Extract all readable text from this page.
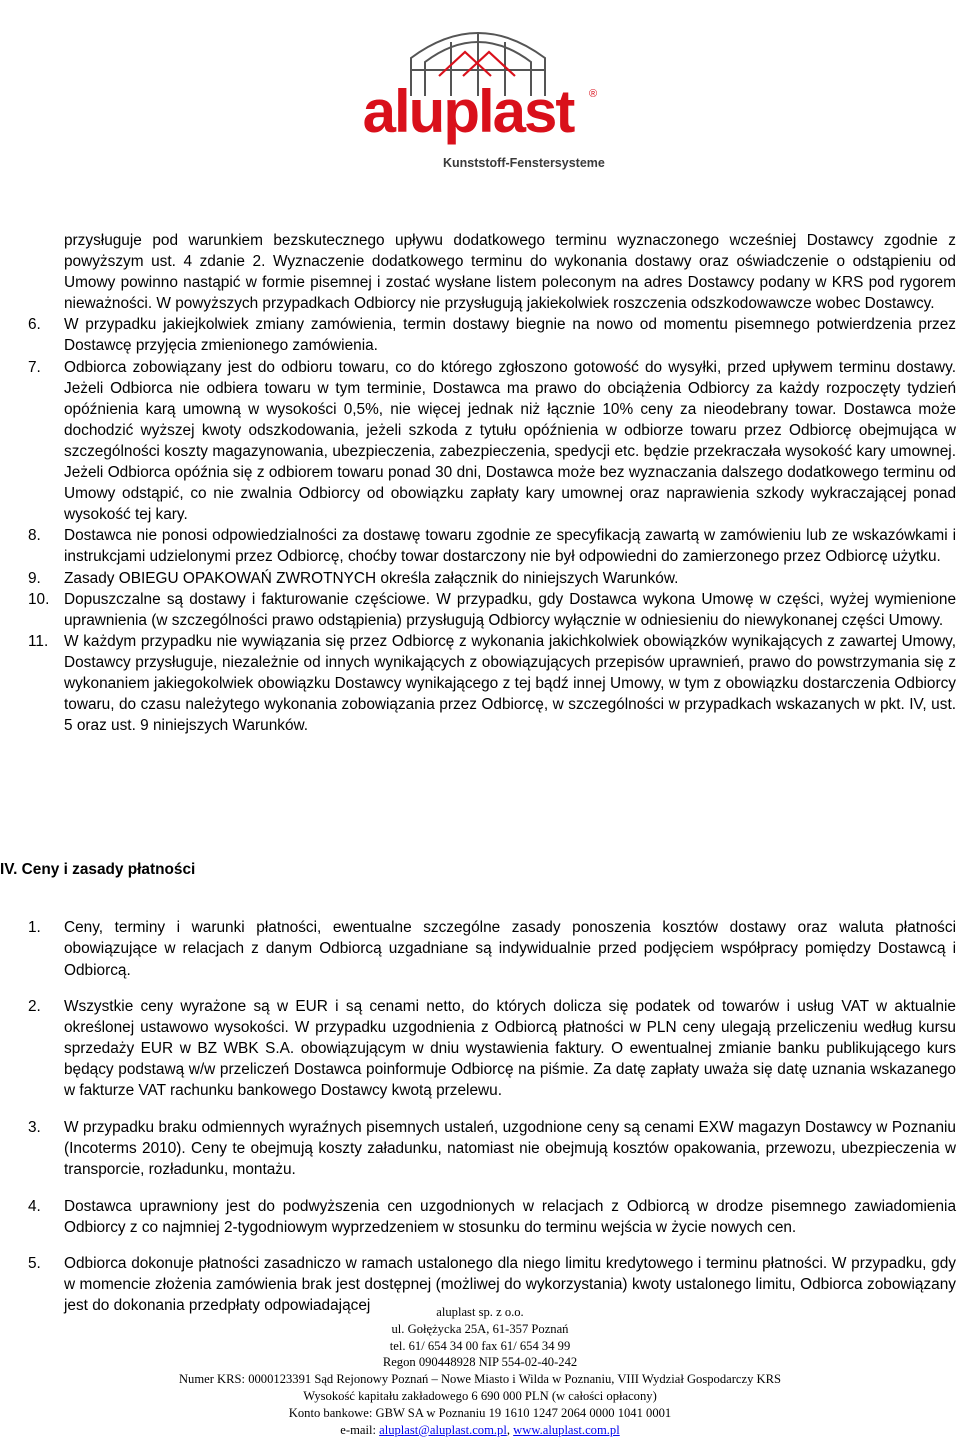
aluplast	®
Kunststoff-Fenstersysteme

przysługuje pod warunkiem bezskutecznego upływu dodatkowego terminu wyznaczonego wcześniej Dostawcy zgodnie z powyższym ust. 4 zdanie 2. Wyznaczenie dodatkowego terminu do wykonania dostawy oraz oświadczenie o odstąpieniu od Umowy powinno nastąpić w formie pisemnej i zostać wysłane listem poleconym na adres Dostawcy podany w KRS pod rygorem nieważności. W powyższych przypadkach Odbiorcy nie przysługują jakiekolwiek roszczenia odszkodowawcze wobec Dostawcy.

6. W przypadku jakiejkolwiek zmiany zamówienia, termin dostawy biegnie na nowo od momentu pisemnego potwierdzenia przez Dostawcę przyjęcia zmienionego zamówienia.

7. Odbiorca zobowiązany jest do odbioru towaru, co do którego zgłoszono gotowość do wysyłki, przed upływem terminu dostawy. Jeżeli Odbiorca nie odbiera towaru w tym terminie, Dostawca ma prawo do obciążenia Odbiorcy za każdy rozpoczęty tydzień opóźnienia karą umowną w wysokości 0,5%, nie więcej jednak niż łącznie 10% ceny za nieodebrany towar. Dostawca może dochodzić wyższej kwoty odszkodowania, jeżeli szkoda z tytułu opóźnienia w odbiorze towaru przez Odbiorcę obejmująca w szczególności koszty magazynowania, ubezpieczenia, zabezpieczenia, spedycji etc. będzie przekraczała wysokość kary umownej. Jeżeli Odbiorca opóźnia się z odbiorem towaru ponad 30 dni, Dostawca może bez wyznaczania dalszego dodatkowego terminu od Umowy odstąpić, co nie zwalnia Odbiorcy od obowiązku zapłaty kary umownej oraz naprawienia szkody wykraczającej ponad wysokość tej kary.

8. Dostawca nie ponosi odpowiedzialności za dostawę towaru zgodnie ze specyfikacją zawartą w zamówieniu lub ze wskazówkami i instrukcjami udzielonymi przez Odbiorcę, choćby towar dostarczony nie był odpowiedni do zamierzonego przez Odbiorcę użytku.

9. Zasady OBIEGU OPAKOWAŃ ZWROTNYCH określa załącznik do niniejszych Warunków.

10. Dopuszczalne są dostawy i fakturowanie częściowe. W przypadku, gdy Dostawca wykona Umowę w części, wyżej wymienione uprawnienia (w szczególności prawo odstąpienia) przysługują Odbiorcy wyłącznie w odniesieniu do niewykonanej części Umowy.

11. W każdym przypadku nie wywiązania się przez Odbiorcę z wykonania jakichkolwiek obowiązków wynikających z zawartej Umowy, Dostawcy przysługuje, niezależnie od innych wynikających z obowiązujących przepisów uprawnień, prawo do powstrzymania się z wykonaniem jakiegokolwiek obowiązku Dostawcy wynikającego z tej bądź innej Umowy, w tym z obowiązku dostarczenia Odbiorcy towaru, do czasu należytego wykonania zobowiązania przez Odbiorcę, w szczególności w przypadkach wskazanych w pkt. IV, ust. 5 oraz ust. 9 niniejszych Warunków.

IV. Ceny i zasady płatności
1. Ceny, terminy i warunki płatności, ewentualne szczególne zasady ponoszenia kosztów dostawy oraz waluta płatności obowiązujące w relacjach z danym Odbiorcą uzgadniane są indywidualnie przed podjęciem współpracy pomiędzy Dostawcą i Odbiorcą.

2. Wszystkie ceny wyrażone są w EUR i są cenami netto, do których dolicza się podatek od towarów i usług VAT w aktualnie określonej ustawowo wysokości. W przypadku uzgodnienia z Odbiorcą płatności w PLN ceny ulegają przeliczeniu według kursu sprzedaży EUR w BZ WBK S.A. obowiązującym w dniu wystawienia faktury. O ewentualnej zmianie banku publikującego kurs będący podstawą w/w przeliczeń Dostawca poinformuje Odbiorcę na piśmie. Za datę zapłaty uważa się datę uznania wskazanego w fakturze VAT rachunku bankowego Dostawcy kwotą przelewu.

3. W przypadku braku odmiennych wyraźnych pisemnych ustaleń, uzgodnione ceny są cenami EXW magazyn Dostawcy w Poznaniu (Incoterms 2010). Ceny te obejmują koszty załadunku, natomiast nie obejmują kosztów opakowania, przewozu, ubezpieczenia w transporcie, rozładunku, montażu.

4. Dostawca uprawniony jest do podwyższenia cen uzgodnionych w relacjach z Odbiorcą w drodze pisemnego zawiadomienia Odbiorcy z co najmniej 2-tygodniowym wyprzedzeniem w stosunku do terminu wejścia w życie nowych cen.

5. Odbiorca dokonuje płatności zasadniczo w ramach ustalonego dla niego limitu kredytowego i terminu płatności. W przypadku, gdy w momencie złożenia zamówienia brak jest dostępnej (możliwej do wykorzystania) kwoty ustalonego limitu, Odbiorca zobowiązany jest do dokonania przedpłaty odpowiadającej	aluplast sp. z o.o.
ul. Gołężycka 25A, 61-357 Poznań
tel. 61/ 654 34 00 fax 61/ 654 34 99
Regon 090448928 NIP 554-02-40-242
Numer KRS: 0000123391 Sąd Rejonowy Poznań – Nowe Miasto i Wilda w Poznaniu, VIII Wydział Gospodarczy KRS
Wysokość kapitału zakładowego 6 690 000 PLN (w całości opłacony)
Konto bankowe: GBW SA w Poznaniu 19 1610 1247 2064 0000 1041 0001
e-mail: aluplast@aluplast.com.pl, www.aluplast.com.pl
